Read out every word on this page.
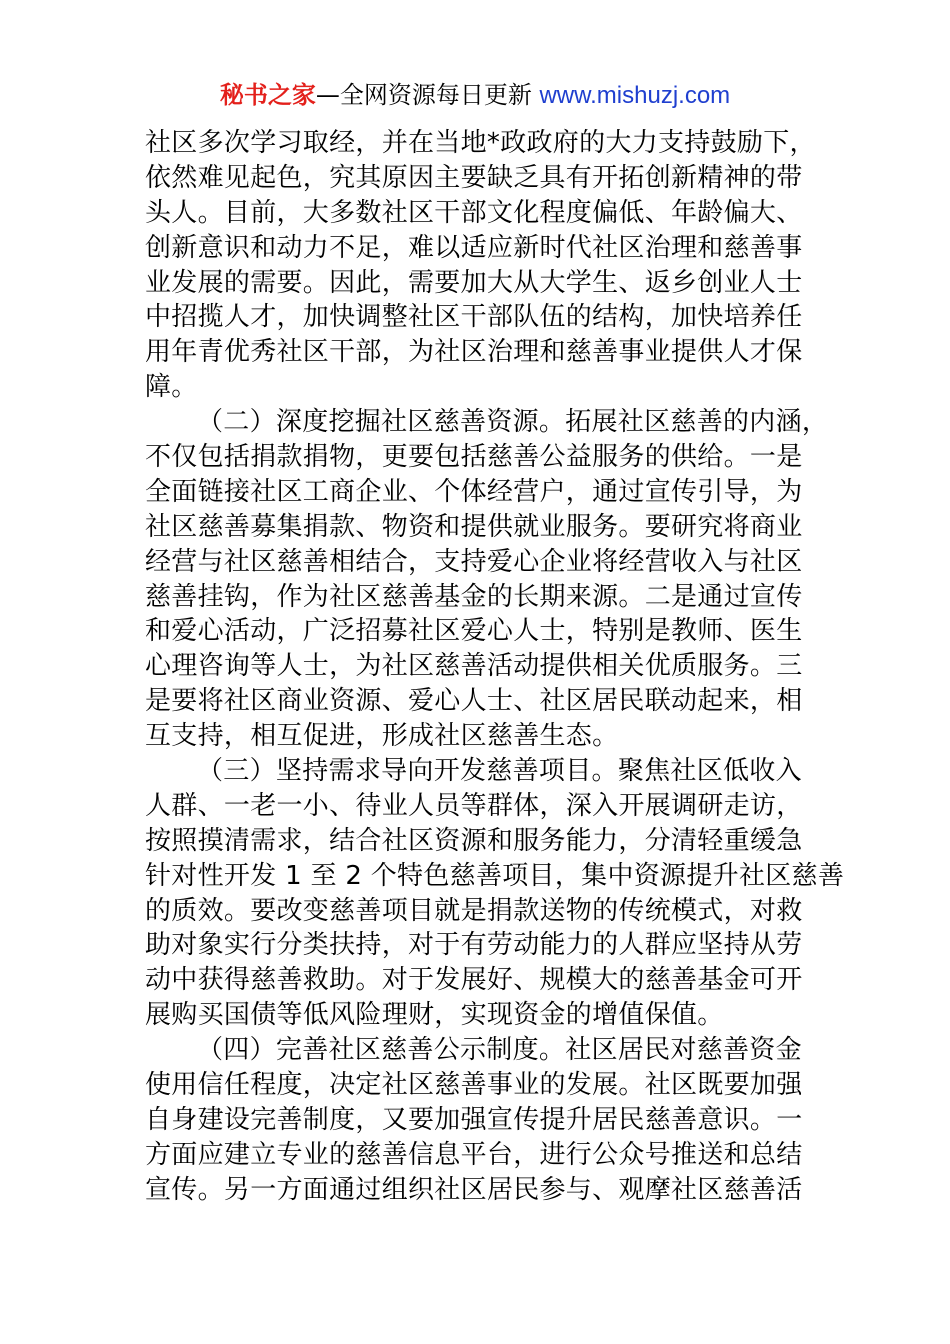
秘书之家—全网资源每日更新 www.mishuzj.com
社区多次学习取经，并在当地*政政府的大力支持鼓励下，
依然难见起色，究其原因主要缺乏具有开拓创新精神的带
头人。目前，大多数社区干部文化程度偏低、年龄偏大、
创新意识和动力不足，难以适应新时代社区治理和慈善事
业发展的需要。因此，需要加大从大学生、返乡创业人士
中招揽人才，加快调整社区干部队伍的结构，加快培养任
用年青优秀社区干部，为社区治理和慈善事业提供人才保
障。
（二）深度挖掘社区慈善资源。拓展社区慈善的内涵，
不仅包括捐款捐物，更要包括慈善公益服务的供给。一是
全面链接社区工商企业、个体经营户，通过宣传引导，为
社区慈善募集捐款、物资和提供就业服务。要研究将商业
经营与社区慈善相结合，支持爱心企业将经营收入与社区
慈善挂钩，作为社区慈善基金的长期来源。二是通过宣传
和爱心活动，广泛招募社区爱心人士，特别是教师、医生
心理咨询等人士，为社区慈善活动提供相关优质服务。三
是要将社区商业资源、爱心人士、社区居民联动起来，相
互支持，相互促进，形成社区慈善生态。
（三）坚持需求导向开发慈善项目。聚焦社区低收入
人群、一老一小、待业人员等群体，深入开展调研走访，
按照摸清需求，结合社区资源和服务能力，分清轻重缓急
针对性开发 1 至 2 个特色慈善项目，集中资源提升社区慈善
的质效。要改变慈善项目就是捐款送物的传统模式，对救
助对象实行分类扶持，对于有劳动能力的人群应坚持从劳
动中获得慈善救助。对于发展好、规模大的慈善基金可开
展购买国债等低风险理财，实现资金的增值保值。
（四）完善社区慈善公示制度。社区居民对慈善资金
使用信任程度，决定社区慈善事业的发展。社区既要加强
自身建设完善制度，又要加强宣传提升居民慈善意识。一
方面应建立专业的慈善信息平台，进行公众号推送和总结
宣传。另一方面通过组织社区居民参与、观摩社区慈善活
